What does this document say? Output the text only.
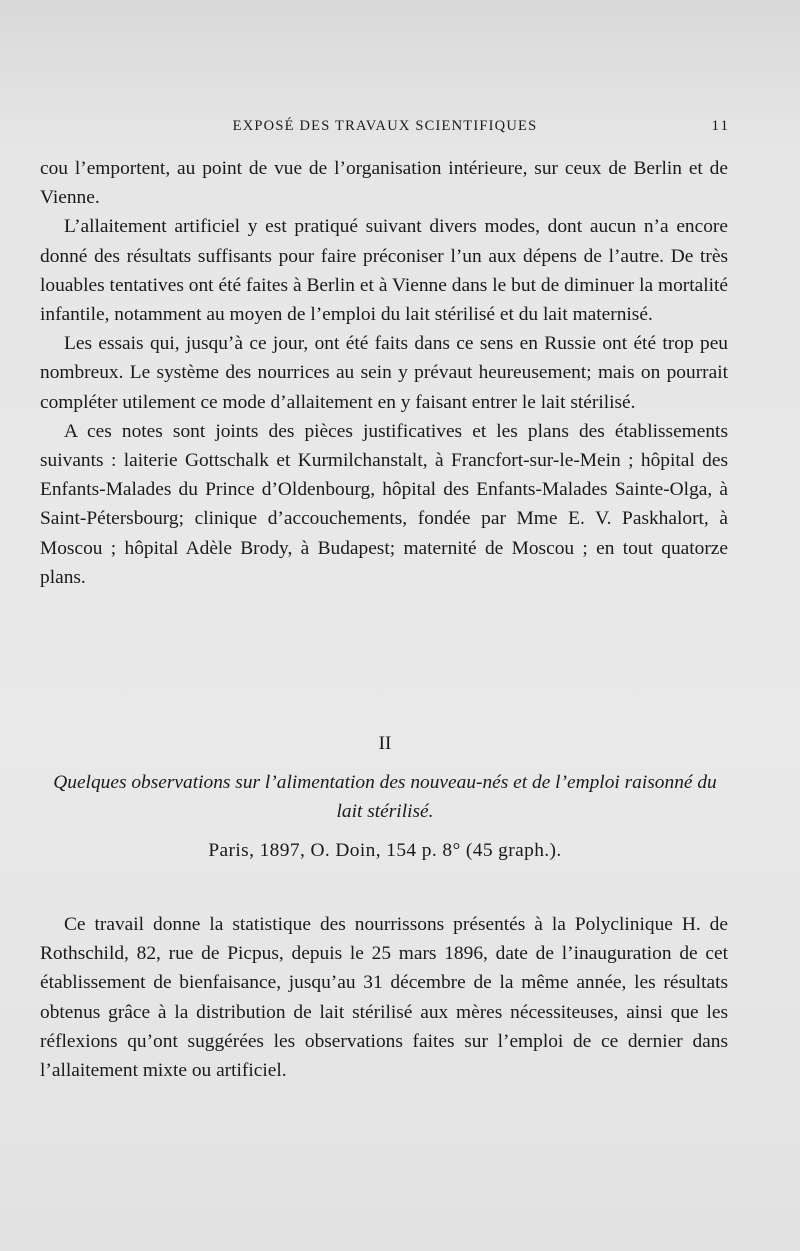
EXPOSÉ DES TRAVAUX SCIENTIFIQUES	11

cou l’emportent, au point de vue de l’organisation intérieure, sur ceux de Berlin et de Vienne.

L’allaitement artificiel y est pratiqué suivant divers modes, dont aucun n’a encore donné des résultats suffisants pour faire préconiser l’un aux dépens de l’autre. De très louables tentatives ont été faites à Berlin et à Vienne dans le but de diminuer la mortalité infantile, notamment au moyen de l’emploi du lait stérilisé et du lait maternisé.

Les essais qui, jusqu’à ce jour, ont été faits dans ce sens en Russie ont été trop peu nombreux. Le système des nourrices au sein y prévaut heureusement; mais on pourrait compléter utilement ce mode d’allaitement en y faisant entrer le lait stérilisé.

A ces notes sont joints des pièces justificatives et les plans des établissements suivants : laiterie Gottschalk et Kurmilchanstalt, à Francfort-sur-le-Mein ; hôpital des Enfants-Malades du Prince d’Oldenbourg, hôpital des Enfants-Malades Sainte-Olga, à Saint-Pétersbourg; clinique d’accouchements, fondée par Mme E. V. Paskhalort, à Moscou ; hôpital Adèle Brody, à Budapest; maternité de Moscou ; en tout quatorze plans.

II
Quelques observations sur l’alimentation des nouveau-nés et de l’emploi raisonné du lait stérilisé.
Paris, 1897, O. Doin, 154 p. 8° (45 graph.).

Ce travail donne la statistique des nourrissons présentés à la Polyclinique H. de Rothschild, 82, rue de Picpus, depuis le 25 mars 1896, date de l’inauguration de cet établissement de bienfaisance, jusqu’au 31 décembre de la même année, les résultats obtenus grâce à la distribution de lait stérilisé aux mères nécessiteuses, ainsi que les réflexions qu’ont suggérées les observations faites sur l’emploi de ce dernier dans l’allaitement mixte ou artificiel.
